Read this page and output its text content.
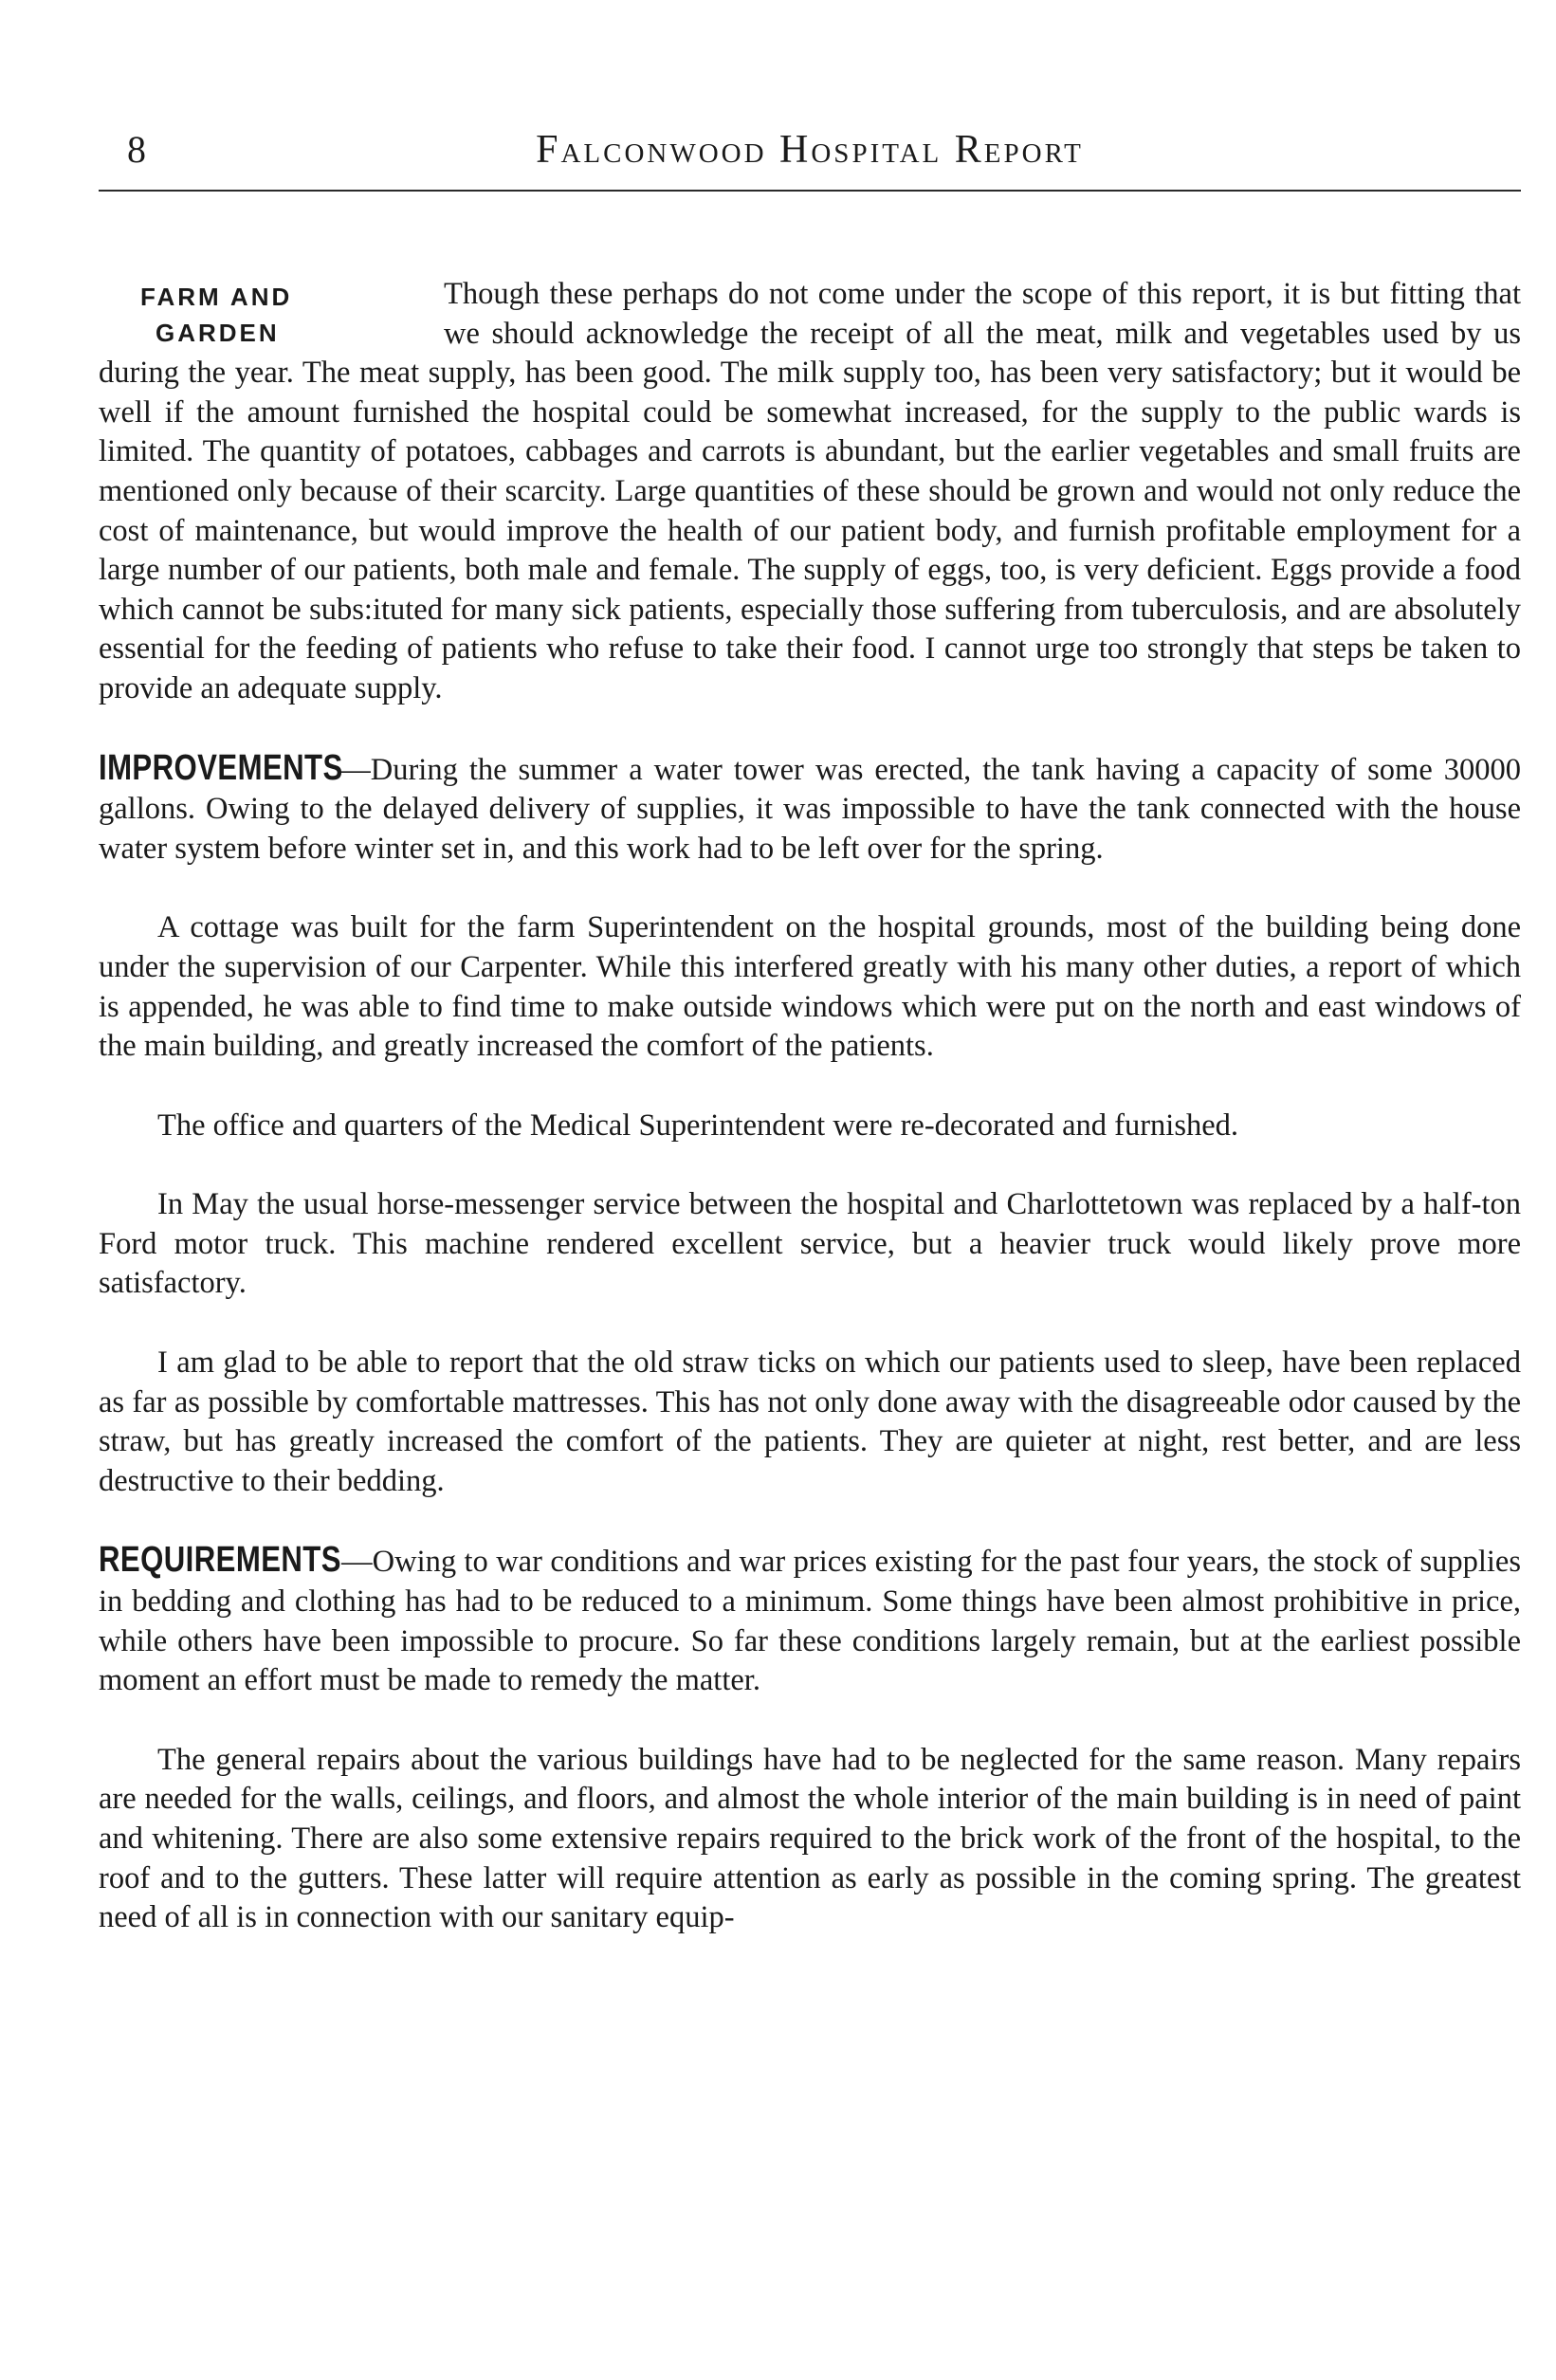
8	Falconwood Hospital Report
FARM AND
GARDEN

Though these perhaps do not come under the scope of this report, it is but fitting that we should acknowledge the receipt of all the meat, milk and vegetables used by us during the year. The meat supply, has been good. The milk supply too, has been very satisfactory; but it would be well if the amount furnished the hospital could be somewhat increased, for the supply to the public wards is limited. The quantity of potatoes, cabbages and carrots is abundant, but the earlier vegetables and small fruits are mentioned only because of their scarcity. Large quantities of these should be grown and would not only reduce the cost of maintenance, but would improve the health of our patient body, and furnish profitable employment for a large number of our patients, both male and female. The supply of eggs, too, is very deficient. Eggs provide a food which cannot be subs:ituted for many sick patients, especially those suffering from tuberculosis, and are absolutely essential for the feeding of patients who refuse to take their food. I cannot urge too strongly that steps be taken to provide an adequate supply.

IMPROVEMENTS—During the summer a water tower was erected, the tank having a capacity of some 30000 gallons. Owing to the delayed delivery of supplies, it was impossible to have the tank connected with the house water system before winter set in, and this work had to be left over for the spring.

A cottage was built for the farm Superintendent on the hospital grounds, most of the building being done under the supervision of our Carpenter. While this interfered greatly with his many other duties, a report of which is appended, he was able to find time to make outside windows which were put on the north and east windows of the main building, and greatly increased the comfort of the patients.

The office and quarters of the Medical Superintendent were re-decorated and furnished.

In May the usual horse-messenger service between the hospital and Charlottetown was replaced by a half-ton Ford motor truck. This machine rendered excellent service, but a heavier truck would likely prove more satisfactory.

I am glad to be able to report that the old straw ticks on which our patients used to sleep, have been replaced as far as possible by comfortable mattresses. This has not only done away with the disagreeable odor caused by the straw, but has greatly increased the comfort of the patients. They are quieter at night, rest better, and are less destructive to their bedding.

REQUIREMENTS—Owing to war conditions and war prices existing for the past four years, the stock of supplies in bedding and clothing has had to be reduced to a minimum. Some things have been almost prohibitive in price, while others have been impossible to procure. So far these conditions largely remain, but at the earliest possible moment an effort must be made to remedy the matter.

The general repairs about the various buildings have had to be neglected for the same reason. Many repairs are needed for the walls, ceilings, and floors, and almost the whole interior of the main building is in need of paint and whitening. There are also some extensive repairs required to the brick work of the front of the hospital, to the roof and to the gutters. These latter will require attention as early as possible in the coming spring. The greatest need of all is in connection with our sanitary equip-
